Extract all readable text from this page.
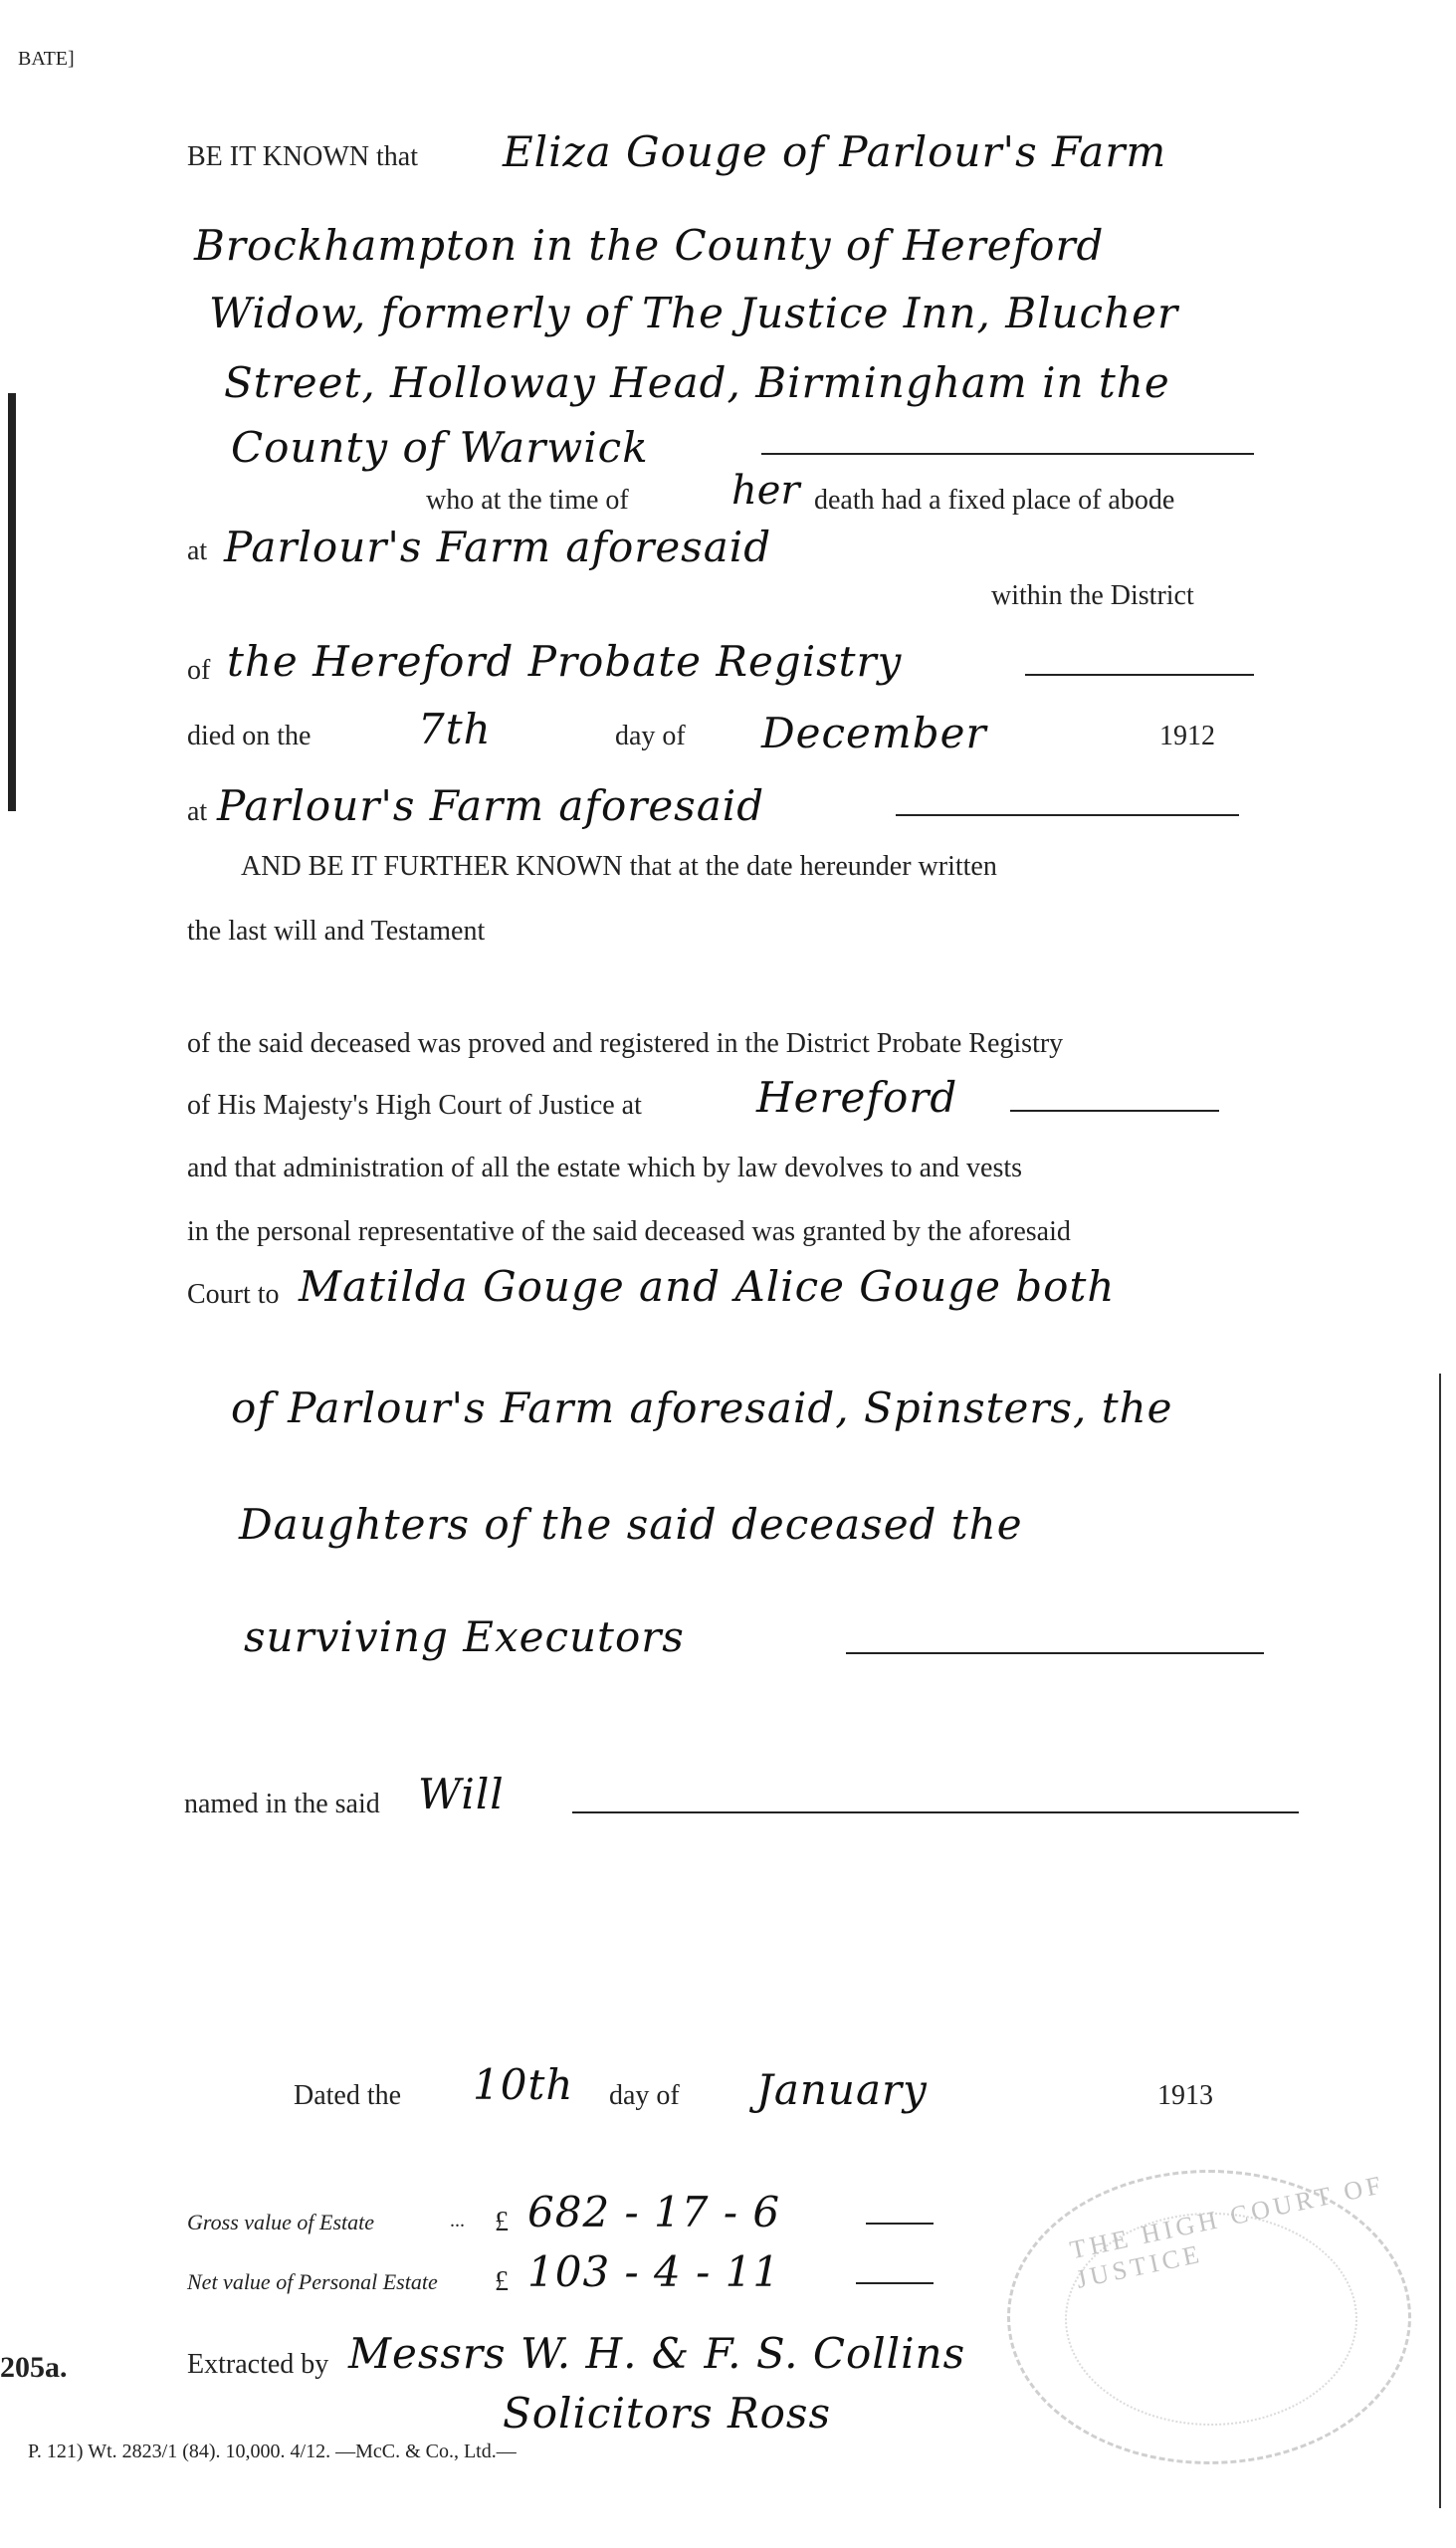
BATE]
BE IT KNOWN that Eliza Gouge of Parlour's Farm
Brockhampton in the County of Hereford
Widow, formerly of The Justice Inn, Blucher
Street, Holloway Head, Birmingham in the
County of Warwick
who at the time of	her death had a fixed place of abode
at Parlour's Farm aforesaid
within the District
of the Hereford Probate Registry
died on the	7th	day of December	1912
at Parlour's Farm aforesaid
AND BE IT FURTHER KNOWN that at the date hereunder written
the last will and Testament
of the said deceased was proved and registered in the District Probate Registry
of His Majesty's High Court of Justice at	Hereford
and that administration of all the estate which by law devolves to and vests
in the personal representative of the said deceased was granted by the aforesaid
Court to Matilda Gouge and Alice Gouge both
of Parlour's Farm aforesaid, Spinsters, the
Daughters of the said deceased the
surviving Executors
named in the said Will
Dated the 10th day of January	1913
Gross value of Estate	... £ 682 - 17 - 6
Net value of Personal Estate £ 103 - 4 - 11
205a.	Extracted by Messrs W. H. & F. S. Collins
Solicitors Ross
P. 121) Wt. 2823/1 (84). 10,000. 4/12. —McC. & Co., Ltd.—
THE HIGH COURT OF JUSTICE
